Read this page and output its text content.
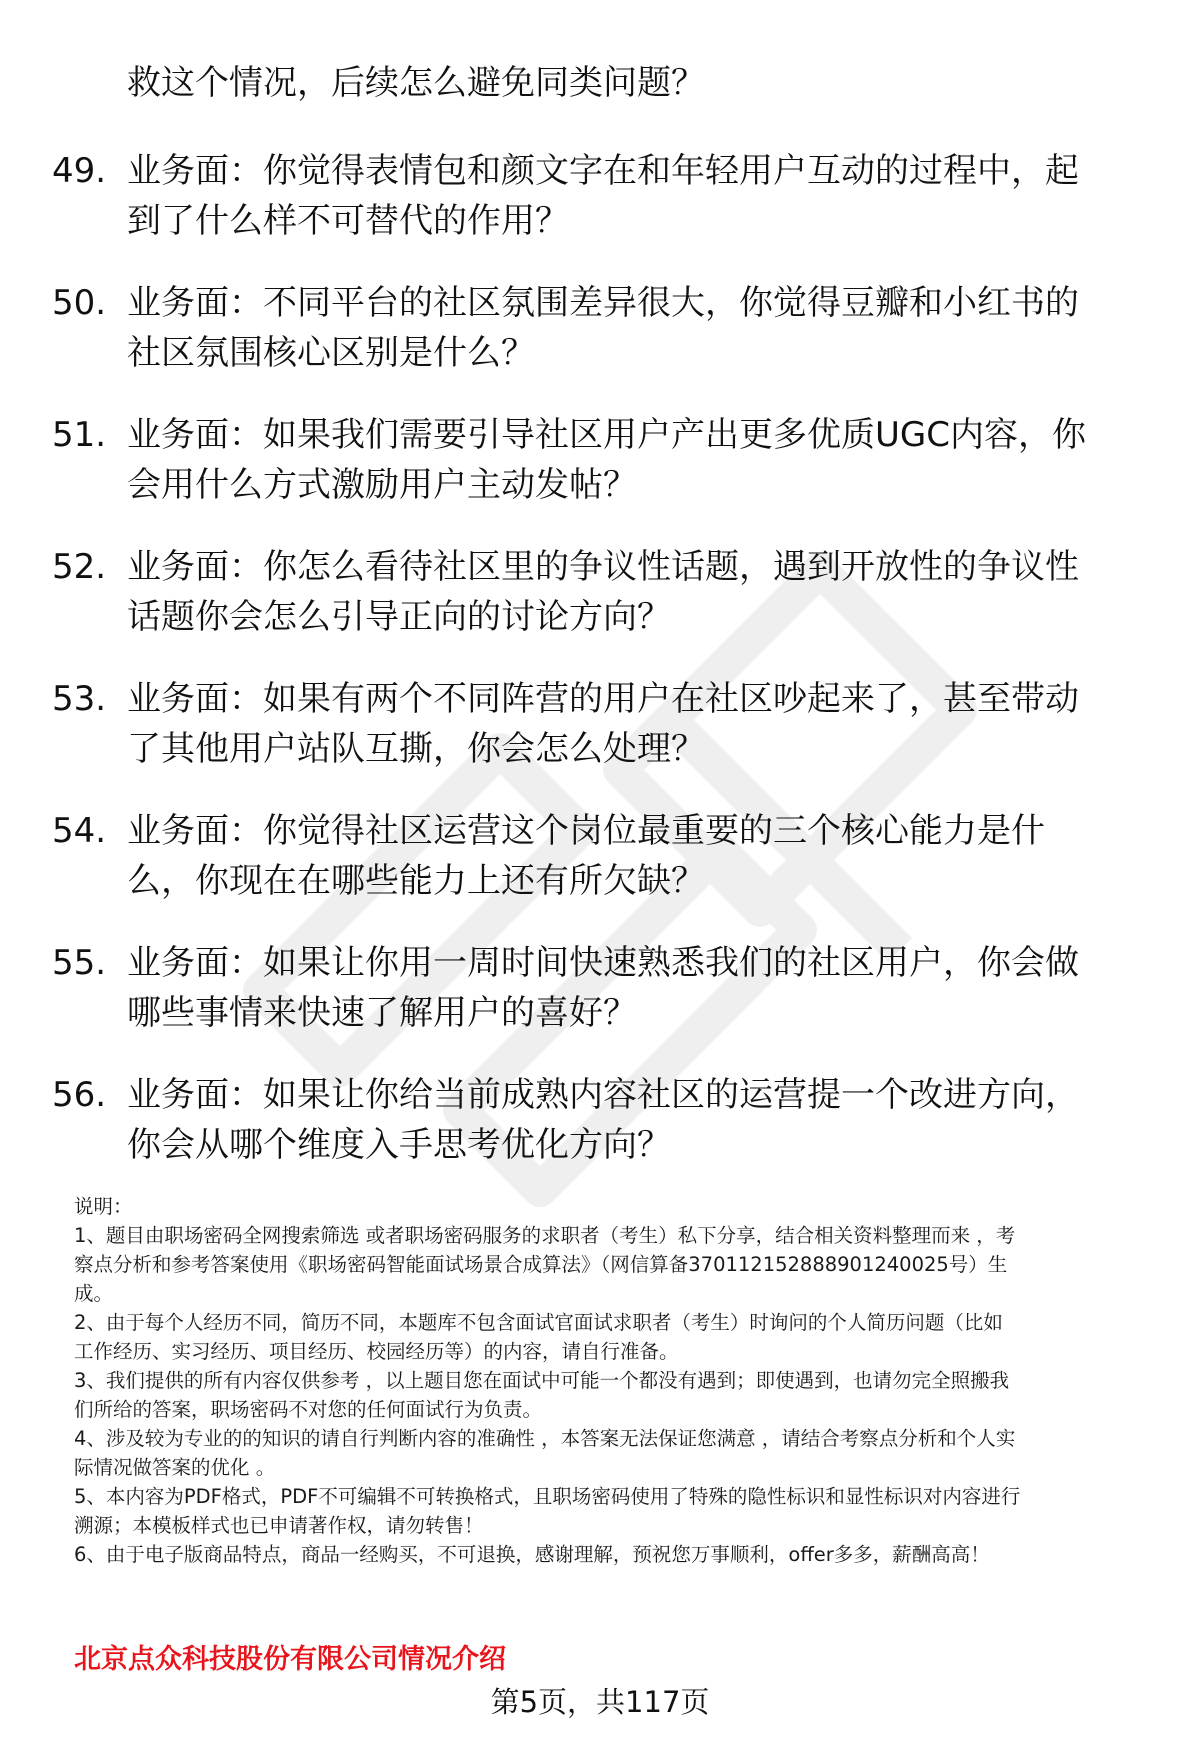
救这个情况，后续怎么避免同类问题？
49. 业务面：你觉得表情包和颜文字在和年轻用户互动的过程中，起
到了什么样不可替代的作用？
50. 业务面：不同平台的社区氛围差异很大，你觉得豆瓣和小红书的
社区氛围核心区别是什么？
51. 业务面：如果我们需要引导社区用户产出更多优质UGC内容，你
会用什么方式激励用户主动发帖？
52. 业务面：你怎么看待社区里的争议性话题，遇到开放性的争议性
话题你会怎么引导正向的讨论方向？
53. 业务面：如果有两个不同阵营的用户在社区吵起来了，甚至带动
了其他用户站队互撕，你会怎么处理？
54. 业务面：你觉得社区运营这个岗位最重要的三个核心能力是什
么，你现在在哪些能力上还有所欠缺？
55. 业务面：如果让你用一周时间快速熟悉我们的社区用户，你会做
哪些事情来快速了解用户的喜好？
56. 业务面：如果让你给当前成熟内容社区的运营提一个改进方向，
你会从哪个维度入手思考优化方向？
说明：
1、题目由职场密码全网搜索筛选 或者职场密码服务的求职者（考生）私下分享，结合相关资料整理而来 ，考
察点分析和参考答案使用《职场密码智能面试场景合成算法》（网信算备370112152888901240025号）生
成。
2、由于每个人经历不同，简历不同，本题库不包含面试官面试求职者（考生）时询问的个人简历问题（比如
工作经历、实习经历、项目经历、校园经历等）的内容，请自行准备。
3、我们提供的所有内容仅供参考 ，以上题目您在面试中可能一个都没有遇到；即使遇到，也请勿完全照搬我
们所给的答案，职场密码不对您的任何面试行为负责。
4、涉及较为专业的的知识的请自行判断内容的准确性 ，本答案无法保证您满意 ，请结合考察点分析和个人实
际情况做答案的优化 。
5、本内容为PDF格式，PDF不可编辑不可转换格式，且职场密码使用了特殊的隐性标识和显性标识对内容进行
溯源；本模板样式也已申请著作权，请勿转售！
6、由于电子版商品特点，商品一经购买，不可退换，感谢理解，预祝您万事顺利，offer多多，薪酬高高！
北京点众科技股份有限公司情况介绍
第5页，共117页
